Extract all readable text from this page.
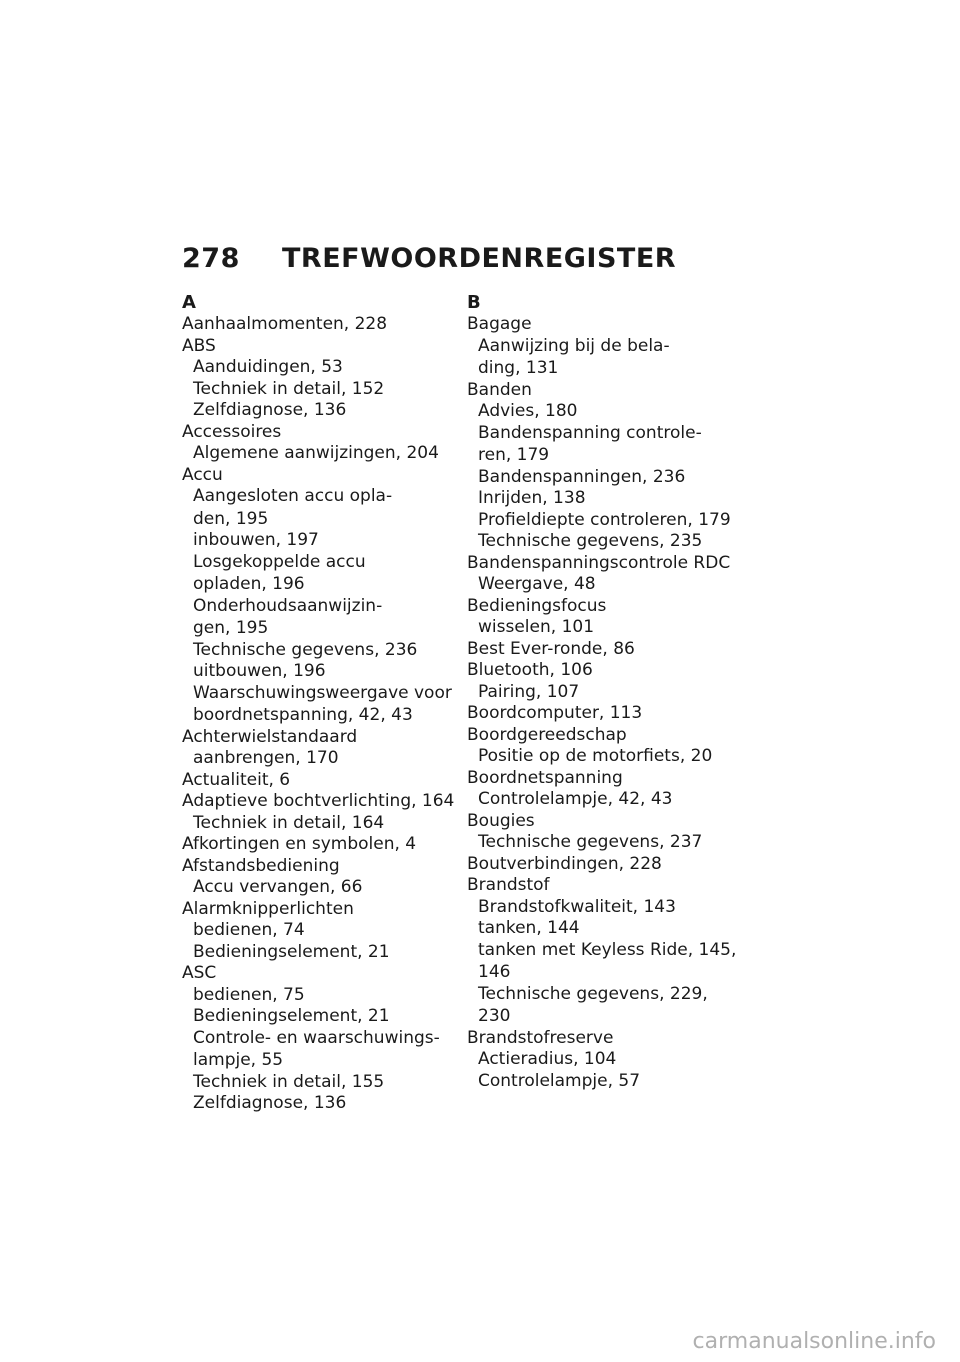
278 TREFWOORDENREGISTER
A
Aanhaalmomenten, 228
ABS
Aanduidingen, 53
Techniek in detail, 152
Zelfdiagnose, 136
Accessoires
Algemene aanwijzingen, 204
Accu
Aangesloten accu opla-
den, 195
inbouwen, 197
Losgekoppelde accu
opladen, 196
Onderhoudsaanwijzin-
gen, 195
Technische gegevens, 236
uitbouwen, 196
Waarschuwingsweergave voor
boordnetspanning, 42, 43
Achterwielstandaard
aanbrengen, 170
Actualiteit, 6
Adaptieve bochtverlichting, 164
Techniek in detail, 164
Afkortingen en symbolen, 4
Afstandsbediening
Accu vervangen, 66
Alarmknipperlichten
bedienen, 74
Bedieningselement, 21
ASC
bedienen, 75
Bedieningselement, 21
Controle- en waarschuwings-
lampje, 55
Techniek in detail, 155
Zelfdiagnose, 136
B
Bagage
Aanwijzing bij de bela-
ding, 131
Banden
Advies, 180
Bandenspanning controle-
ren, 179
Bandenspanningen, 236
Inrijden, 138
Profieldiepte controleren, 179
Technische gegevens, 235
Bandenspanningscontrole RDC
Weergave, 48
Bedieningsfocus
wisselen, 101
Best Ever-ronde, 86
Bluetooth, 106
Pairing, 107
Boordcomputer, 113
Boordgereedschap
Positie op de motorfiets, 20
Boordnetspanning
Controlelampje, 42, 43
Bougies
Technische gegevens, 237
Boutverbindingen, 228
Brandstof
Brandstofkwaliteit, 143
tanken, 144
tanken met Keyless Ride, 145,
146
Technische gegevens, 229,
230
Brandstofreserve
Actieradius, 104
Controlelampje, 57
carmanualsonline.info
